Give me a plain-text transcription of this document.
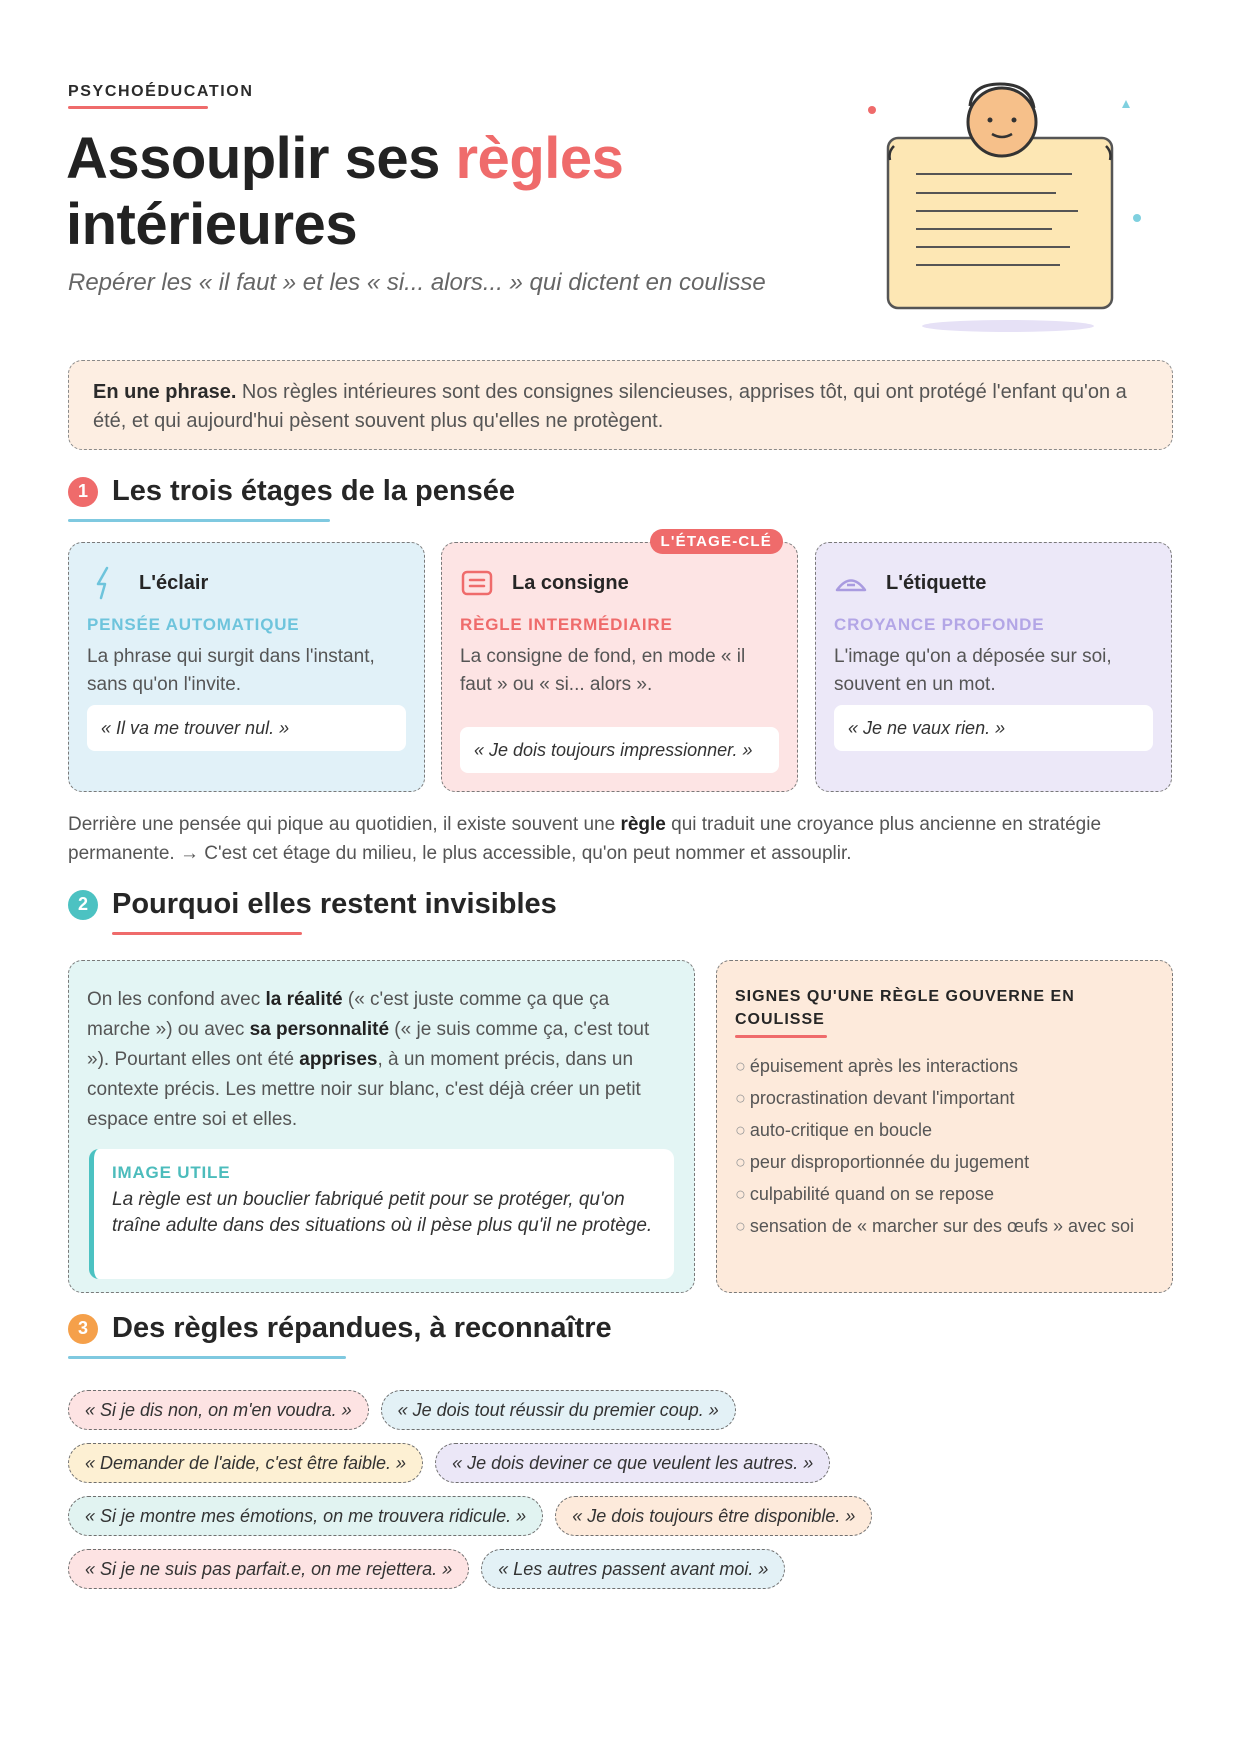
PSYCHOÉDUCATION
Assouplir ses règles
intérieures
Repérer les « il faut » et les « si... alors... » qui dictent en coulisse
En une phrase. Nos règles intérieures sont des consignes silencieuses, apprises tôt, qui ont protégé l'enfant qu'on a été, et qui aujourd'hui pèsent souvent plus qu'elles ne protègent.
1 Les trois étages de la pensée
L'éclair
PENSÉE AUTOMATIQUE
La phrase qui surgit dans l'instant, sans qu'on l'invite.
« Il va me trouver nul. »
L'ÉTAGE-CLÉ
La consigne
RÈGLE INTERMÉDIAIRE
La consigne de fond, en mode « il faut » ou « si... alors ».
« Je dois toujours impressionner. »
L'étiquette
CROYANCE PROFONDE
L'image qu'on a déposée sur soi, souvent en un mot.
« Je ne vaux rien. »
Derrière une pensée qui pique au quotidien, il existe souvent une règle qui traduit une croyance plus ancienne en stratégie permanente. → C'est cet étage du milieu, le plus accessible, qu'on peut nommer et assouplir.
2 Pourquoi elles restent invisibles
On les confond avec la réalité (« c'est juste comme ça que ça marche ») ou avec sa personnalité (« je suis comme ça, c'est tout »). Pourtant elles ont été apprises, à un moment précis, dans un contexte précis. Les mettre noir sur blanc, c'est déjà créer un petit espace entre soi et elles.
IMAGE UTILE
La règle est un bouclier fabriqué petit pour se protéger, qu'on traîne adulte dans des situations où il pèse plus qu'il ne protège.
SIGNES QU'UNE RÈGLE GOUVERNE EN COULISSE
○ épuisement après les interactions
○ procrastination devant l'important
○ auto-critique en boucle
○ peur disproportionnée du jugement
○ culpabilité quand on se repose
○ sensation de « marcher sur des œufs » avec soi
3 Des règles répandues, à reconnaître
« Si je dis non, on m'en voudra. »	« Je dois tout réussir du premier coup. »
« Demander de l'aide, c'est être faible. »	« Je dois deviner ce que veulent les autres. »
« Si je montre mes émotions, on me trouvera ridicule. »	« Je dois toujours être disponible. »
« Si je ne suis pas parfait.e, on me rejettera. »	« Les autres passent avant moi. »
